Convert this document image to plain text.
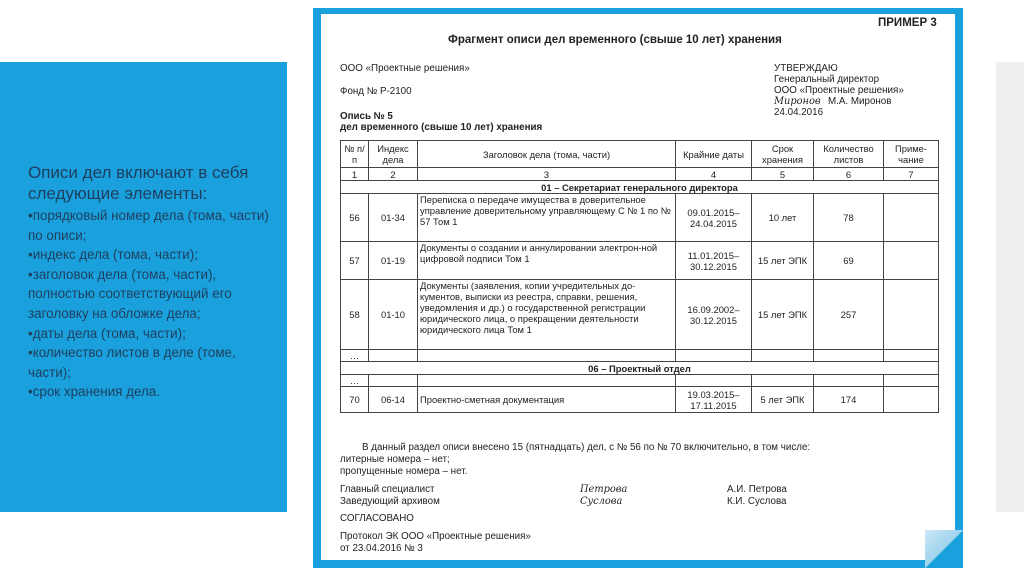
Описи дел включают в себя следующие элементы:
• порядковый номер дела (тома, части) по описи;
• индекс дела (тома, части);
• заголовок дела (тома, части), полностью соответствующий его заголовку на обложке дела;
• даты дела (тома, части);
• количество листов в деле (томе, части);
• срок хранения дела.
ПРИМЕР 3
Фрагмент описи дел временного (свыше 10 лет) хранения
ООО «Проектные решения»
Фонд № Р-2100
Опись № 5
дел временного (свыше 10 лет) хранения
УТВЕРЖДАЮ
Генеральный директор
ООО «Проектные решения»
Миронов М.А. Миронов
24.04.2016
№ п/п	Индекс дела	Заголовок дела (тома, части)	Крайние даты	Срок хранения	Количество листов	Приме-чание
1	2	3	4	5	6	7
01 – Секретариат генерального директора						
56	01-34	Переписка о передаче имущества в доверительное управление доверительному управляющему С № 1 по № 57 Том 1	09.01.2015– 24.04.2015	10 лет	78	
57	01-19	Документы о создании и аннулировании электрон-ной цифровой подписи Том 1	11.01.2015– 30.12.2015	15 лет ЭПК	69	
58	01-10	Документы (заявления, копии учредительных до-кументов, выписки из реестра, справки, решения, уведомления и др.) о государственной регистрации юридического лица, о прекращении деятельности юридического лица Том 1	16.09.2002– 30.12.2015	15 лет ЭПК	257	
…						
06 – Проектный отдел						
…						
70	06-14	Проектно-сметная документация	19.03.2015– 17.11.2015	5 лет ЭПК	174	
В данный раздел описи внесено 15 (пятнадцать) дел, с № 56 по № 70 включительно, в том числе:
литерные номера – нет;
пропущенные номера – нет.
Главный специалист	Петрова	А.И. Петрова
Заведующий архивом	Суслова	К.И. Суслова
СОГЛАСОВАНО
Протокол ЭК ООО «Проектные решения»
от 23.04.2016 № 3
